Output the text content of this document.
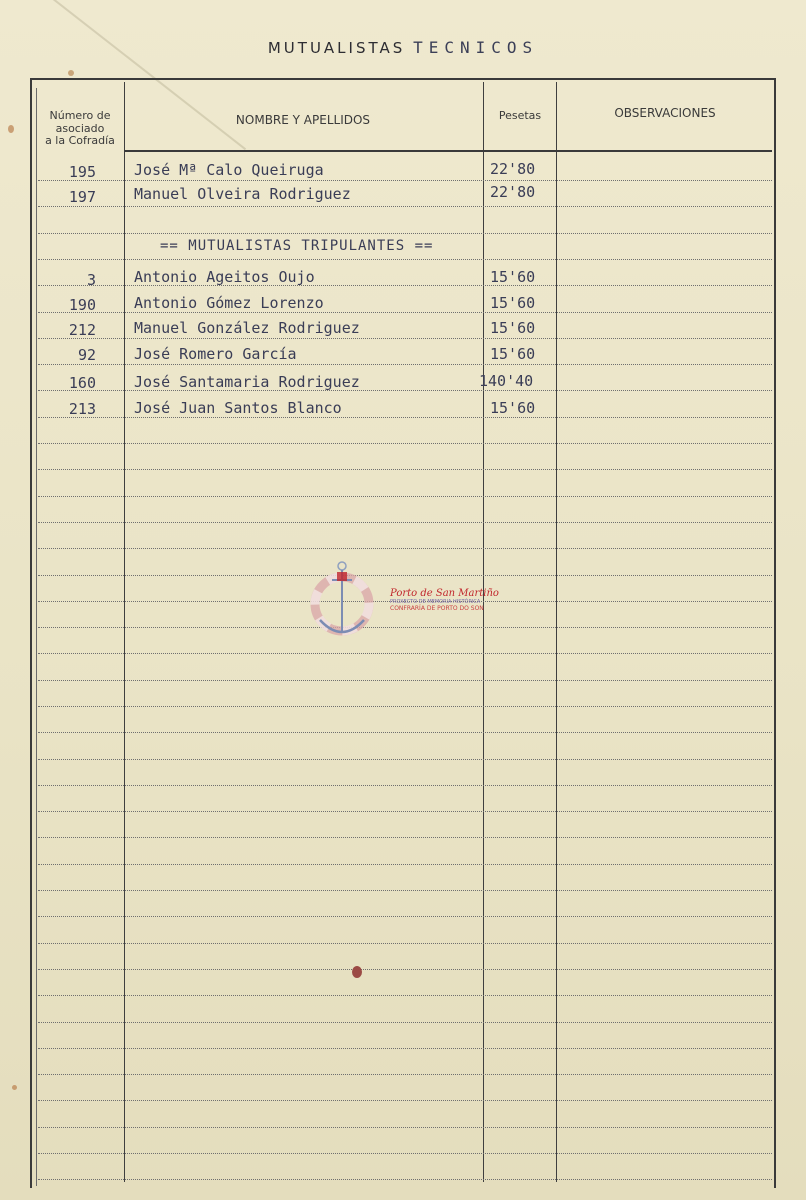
MUTUALISTAS TECNICOS
Número de
asociado
a la Cofradía
NOMBRE Y APELLIDOS	Pesetas	OBSERVACIONES
195	José Mª Calo Queiruga	22'80
197	Manuel Olveira Rodriguez	22'80
== MUTUALISTAS TRIPULANTES ==
3	Antonio Ageitos Oujo	15'60
190	Antonio Gómez Lorenzo	15'60
212	Manuel González Rodriguez	15'60
92	José Romero García	15'60
160	José Santamaria Rodriguez	140'40
213	José Juan Santos Blanco	15'60
Porto de San Martiño
PROXECTO DE MEMORIA HISTÓRICA
CONFRARÍA DE PORTO DO SON
